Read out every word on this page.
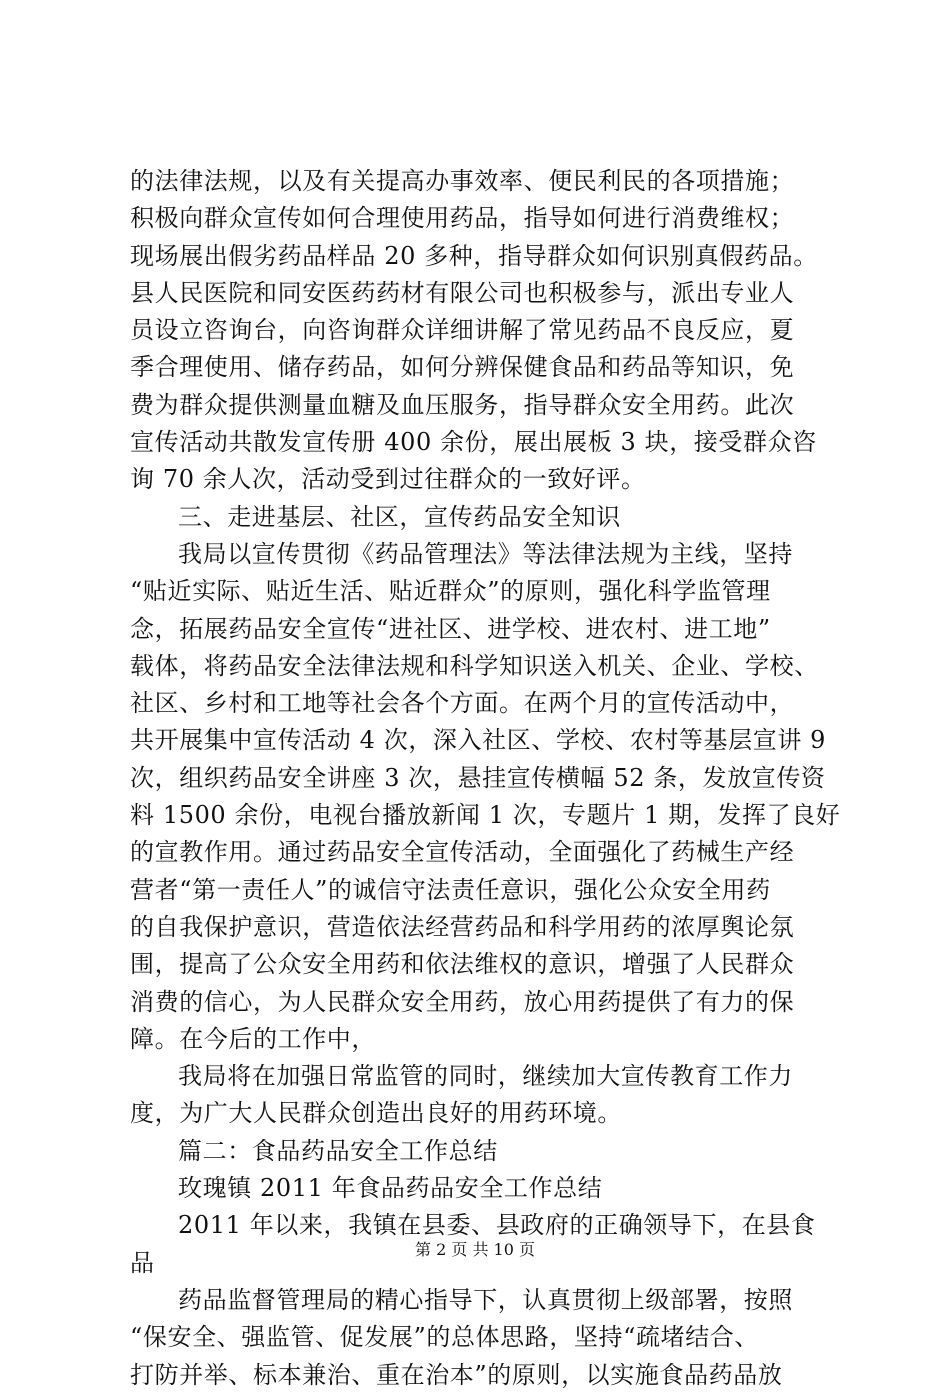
的法律法规，以及有关提高办事效率、便民利民的各项措施；
积极向群众宣传如何合理使用药品，指导如何进行消费维权；
现场展出假劣药品样品 20 多种，指导群众如何识别真假药品。
县人民医院和同安医药药材有限公司也积极参与，派出专业人
员设立咨询台，向咨询群众详细讲解了常见药品不良反应，夏
季合理使用、储存药品，如何分辨保健食品和药品等知识，免
费为群众提供测量血糖及血压服务，指导群众安全用药。此次
宣传活动共散发宣传册 400 余份，展出展板 3 块，接受群众咨
询 70 余人次，活动受到过往群众的一致好评。
三、走进基层、社区，宣传药品安全知识
我局以宣传贯彻《药品管理法》等法律法规为主线，坚持
“贴近实际、贴近生活、贴近群众”的原则，强化科学监管理
念，拓展药品安全宣传“进社区、进学校、进农村、进工地”
载体，将药品安全法律法规和科学知识送入机关、企业、学校、
社区、乡村和工地等社会各个方面。在两个月的宣传活动中，
共开展集中宣传活动 4 次，深入社区、学校、农村等基层宣讲 9
次，组织药品安全讲座 3 次，悬挂宣传横幅 52 条，发放宣传资
料 1500 余份，电视台播放新闻 1 次，专题片 1 期，发挥了良好
的宣教作用。通过药品安全宣传活动，全面强化了药械生产经
营者“第一责任人”的诚信守法责任意识，强化公众安全用药
的自我保护意识，营造依法经营药品和科学用药的浓厚舆论氛
围，提高了公众安全用药和依法维权的意识，增强了人民群众
消费的信心，为人民群众安全用药，放心用药提供了有力的保
障。在今后的工作中，
我局将在加强日常监管的同时，继续加大宣传教育工作力
度，为广大人民群众创造出良好的用药环境。
篇二：食品药品安全工作总结
玫瑰镇 2011 年食品药品安全工作总结
2011 年以来，我镇在县委、县政府的正确领导下，在县食
品
药品监督管理局的精心指导下，认真贯彻上级部署，按照
“保安全、强监管、促发展”的总体思路，坚持“疏堵结合、
打防并举、标本兼治、重在治本”的原则，以实施食品药品放
第 2 页 共 10 页
